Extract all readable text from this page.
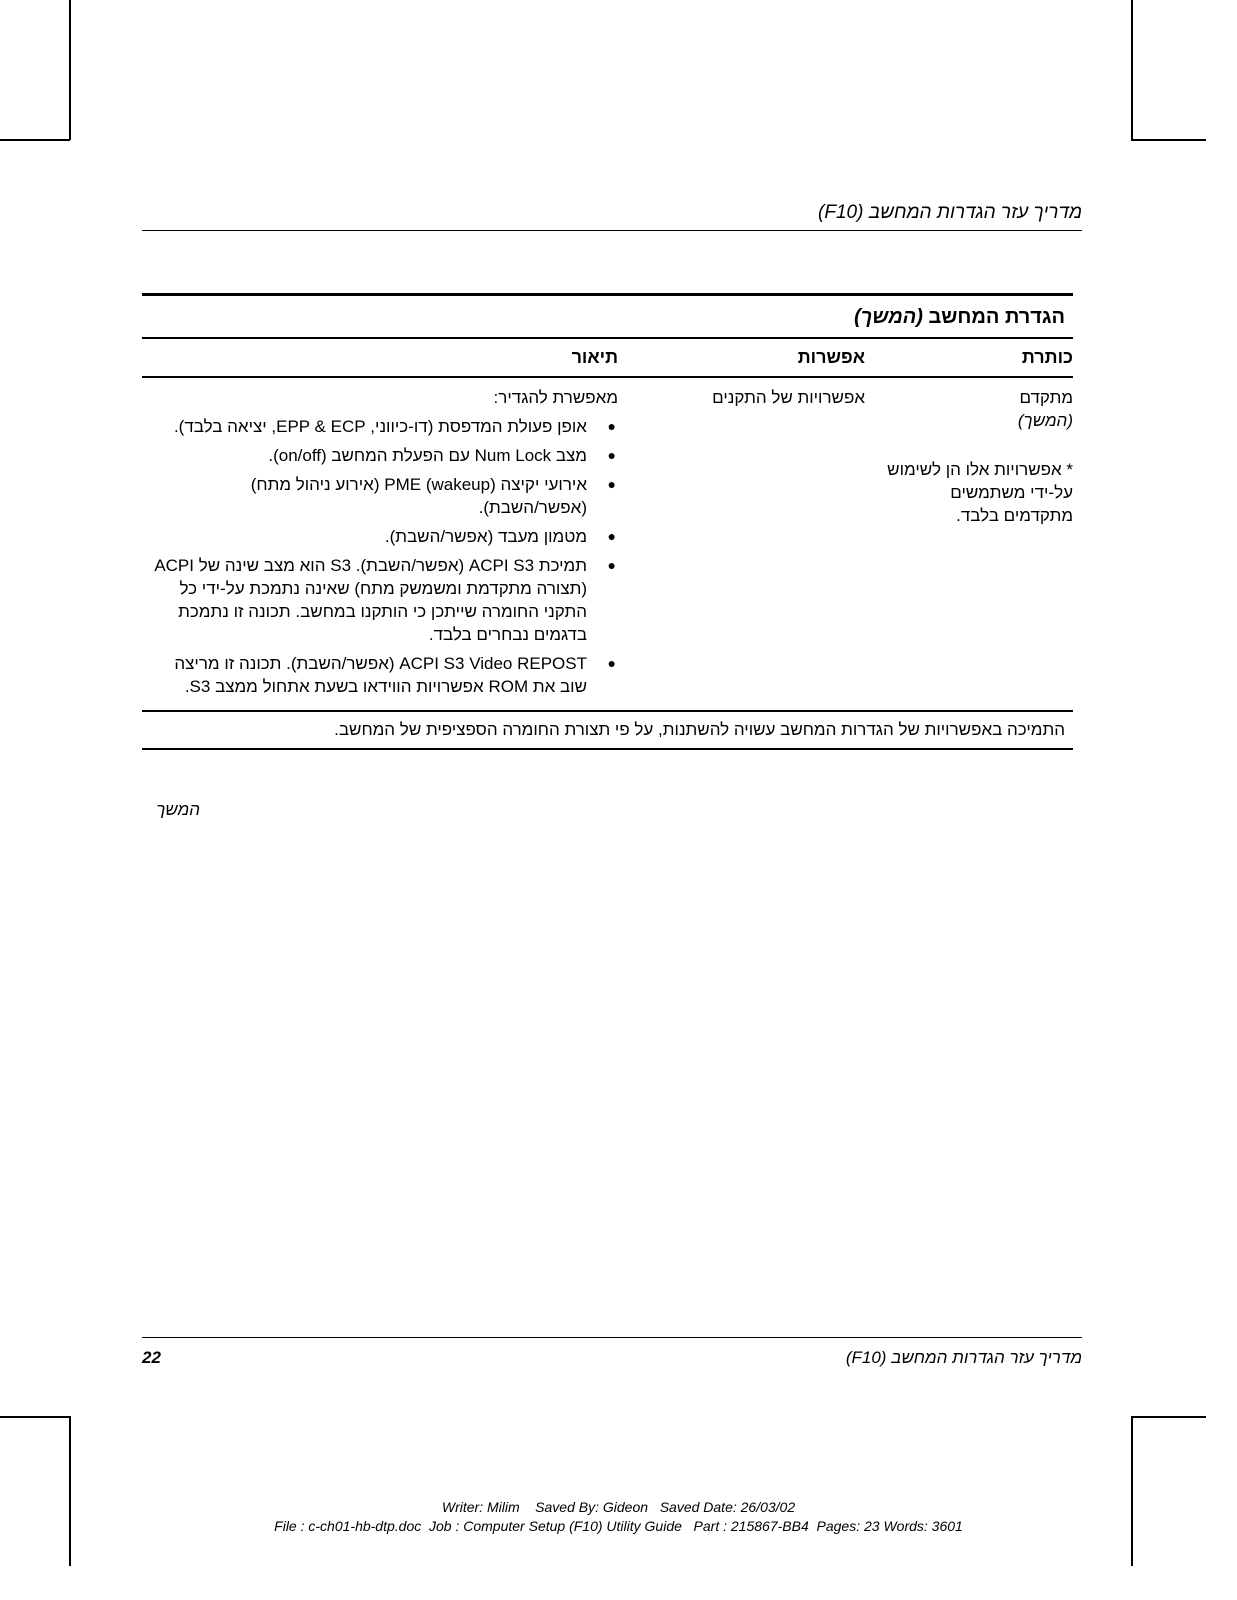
מדריך עזר הגדרות המחשב (F10)
הגדרת המחשב (המשך)
כותרת
אפשרות
תיאור
מתקדם
(המשך)
* אפשרויות אלו הן לשימוש על-ידי משתמשים מתקדמים בלבד.
אפשרויות של התקנים
מאפשרת להגדיר:
●
אופן פעולת המדפסת (דו-כיווני, EPP & ECP, יציאה בלבד).
●
מצב Num Lock עם הפעלת המחשב (on/off).
●
אירועי יקיצה (wakeup) PME (אירוע ניהול מתח) (אפשר/השבת).
●
מטמון מעבד (אפשר/השבת).
●
תמיכת ACPI S3 (אפשר/השבת). S3 הוא מצב שינה של ACPI (תצורה מתקדמת ומשמשק מתח) שאינה נתמכת על-ידי כל התקני החומרה שייתכן כי הותקנו במחשב. תכונה זו נתמכת בדגמים נבחרים בלבד.
●
ACPI S3 Video REPOST (אפשר/השבת). תכונה זו מריצה שוב את ROM אפשרויות הווידאו בשעת אתחול ממצב S3.
התמיכה באפשרויות של הגדרות המחשב עשויה להשתנות, על פי תצורת החומרה הספציפית של המחשב.
המשך
22	מדריך עזר הגדרות המחשב (F10)
Writer: Milim    Saved By: Gideon   Saved Date: 26/03/02
File : c-ch01-hb-dtp.doc  Job : Computer Setup (F10) Utility Guide   Part : 215867-BB4  Pages: 23 Words: 3601
